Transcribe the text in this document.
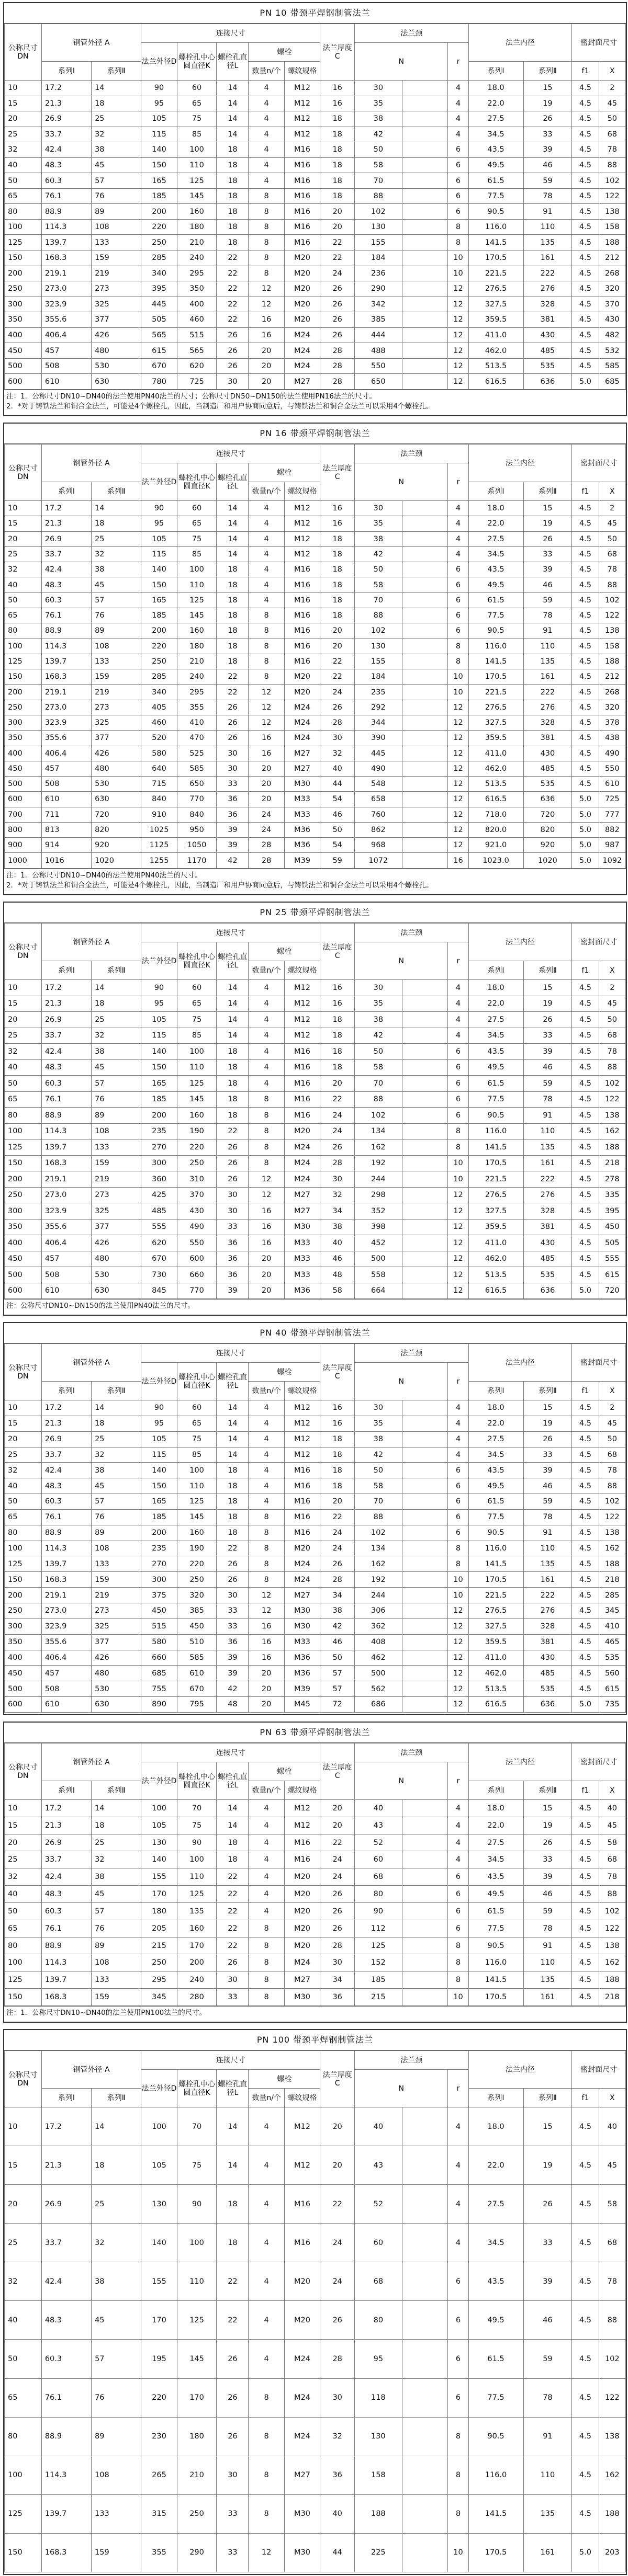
PN 10 带颈平焊钢制管法兰
公称尺寸DN	钢管外径 A		连接尺寸					法兰厚度C	法兰颈			法兰内径		密封面尺寸	
			法兰外径D	螺栓孔中心圆直径K	螺栓孔直径L	螺栓			N		r				
	系列Ⅰ	系列Ⅱ				数量n/个	螺纹规格					系列Ⅰ	系列Ⅱ	f1	X
10	17.2	14	90	60	14	4	M12	16	30		4	18.0	15	4.5	2
15	21.3	18	95	65	14	4	M12	16	35		4	22.0	19	4.5	45
20	26.9	25	105	75	14	4	M12	18	38		4	27.5	26	4.5	50
25	33.7	32	115	85	14	4	M12	18	42		4	34.5	33	4.5	68
32	42.4	38	140	100	18	4	M16	18	50		6	43.5	39	4.5	78
40	48.3	45	150	110	18	4	M16	18	58		6	49.5	46	4.5	88
50	60.3	57	165	125	18	4	M16	18	70		6	61.5	59	4.5	102
65	76.1	76	185	145	18	8	M16	18	88		6	77.5	78	4.5	122
80	88.9	89	200	160	18	8	M16	20	102		6	90.5	91	4.5	138
100	114.3	108	220	180	18	8	M16	20	130		8	116.0	110	4.5	158
125	139.7	133	250	210	18	8	M16	22	155		8	141.5	135	4.5	188
150	168.3	159	285	240	22	8	M20	22	184		10	170.5	161	4.5	212
200	219.1	219	340	295	22	8	M20	24	236		10	221.5	222	4.5	268
250	273.0	273	395	350	22	12	M20	26	290		12	276.5	276	4.5	320
300	323.9	325	445	400	22	12	M20	26	342		12	327.5	328	4.5	370
350	355.6	377	505	460	22	16	M20	26	385		12	359.5	381	4.5	430
400	406.4	426	565	515	26	16	M24	26	444		12	411.0	430	4.5	482
450	457	480	615	565	26	20	M24	28	488		12	462.0	485	4.5	532
500	508	530	670	620	26	20	M24	28	550		12	513.5	535	4.5	585
600	610	630	780	725	30	20	M27	28	650		12	616.5	636	5.0	685
注：1．公称尺寸DN10~DN40的法兰使用PN40法兰的尺寸；公称尺寸DN50~DN150的法兰使用PN16法兰的尺寸。
2．*对于铸铁法兰和铜合金法兰，可能是4个螺栓孔，因此，当制造厂和用户协商同意后，与铸铁法兰和铜合金法兰可以采用4个螺栓孔。
PN 16 带颈平焊钢制管法兰
公称尺寸DN	钢管外径 A		连接尺寸					法兰厚度C	法兰颈			法兰内径		密封面尺寸	
			法兰外径D	螺栓孔中心圆直径K	螺栓孔直径L	螺栓			N		r				
	系列Ⅰ	系列Ⅱ				数量n/个	螺纹规格					系列Ⅰ	系列Ⅱ	f1	X
10	17.2	14	90	60	14	4	M12	16	30		4	18.0	15	4.5	2
15	21.3	18	95	65	14	4	M12	16	35		4	22.0	19	4.5	45
20	26.9	25	105	75	14	4	M12	18	38		4	27.5	26	4.5	50
25	33.7	32	115	85	14	4	M12	18	42		4	34.5	33	4.5	68
32	42.4	38	140	100	18	4	M16	18	50		6	43.5	39	4.5	78
40	48.3	45	150	110	18	4	M16	18	58		6	49.5	46	4.5	88
50	60.3	57	165	125	18	4	M16	18	70		6	61.5	59	4.5	102
65	76.1	76	185	145	18	8	M16	18	88		6	77.5	78	4.5	122
80	88.9	89	200	160	18	8	M16	20	102		6	90.5	91	4.5	138
100	114.3	108	220	180	18	8	M16	20	130		8	116.0	110	4.5	158
125	139.7	133	250	210	18	8	M16	22	155		8	141.5	135	4.5	188
150	168.3	159	285	240	22	8	M20	22	184		10	170.5	161	4.5	212
200	219.1	219	340	295	22	12	M20	24	235		10	221.5	222	4.5	268
250	273.0	273	405	355	26	12	M24	26	292		12	276.5	276	4.5	320
300	323.9	325	460	410	26	12	M24	28	344		12	327.5	328	4.5	378
350	355.6	377	520	470	26	16	M24	30	390		12	359.5	381	4.5	438
400	406.4	426	580	525	30	16	M27	32	445		12	411.0	430	4.5	490
450	457	480	640	585	30	20	M27	40	490		12	462.0	485	4.5	550
500	508	530	715	650	33	20	M30	44	548		12	513.5	535	4.5	610
600	610	630	840	770	36	20	M33	54	658		12	616.5	636	5.0	725
700	711	720	910	840	36	24	M33	46	760		12	718.0	720	5.0	777
800	813	820	1025	950	39	24	M36	50	862		12	820.0	820	5.0	882
900	914	920	1125	1050	39	28	M36	54	968		12	921.0	920	5.0	987
1000	1016	1020	1255	1170	42	28	M39	59	1072		16	1023.0	1020	5.0	1092
注：1．公称尺寸DN10~DN40的法兰使用PN40法兰的尺寸。
2．*对于铸铁法兰和铜合金法兰，可能是4个螺栓孔，因此，当制造厂和用户协商同意后，与铸铁法兰和铜合金法兰可以采用4个螺栓孔。
PN 25 带颈平焊钢制管法兰
公称尺寸DN	钢管外径 A		连接尺寸					法兰厚度C	法兰颈			法兰内径		密封面尺寸	
			法兰外径D	螺栓孔中心圆直径K	螺栓孔直径L	螺栓			N		r				
	系列Ⅰ	系列Ⅱ				数量n/个	螺纹规格					系列Ⅰ	系列Ⅱ	f1	X
10	17.2	14	90	60	14	4	M12	16	30		4	18.0	15	4.5	2
15	21.3	18	95	65	14	4	M12	16	35		4	22.0	19	4.5	45
20	26.9	25	105	75	14	4	M12	18	38		4	27.5	26	4.5	50
25	33.7	32	115	85	14	4	M12	18	42		4	34.5	33	4.5	68
32	42.4	38	140	100	18	4	M16	18	50		6	43.5	39	4.5	78
40	48.3	45	150	110	18	4	M16	18	58		6	49.5	46	4.5	88
50	60.3	57	165	125	18	4	M16	20	70		6	61.5	59	4.5	102
65	76.1	76	185	145	18	8	M16	22	88		6	77.5	78	4.5	122
80	88.9	89	200	160	18	8	M16	24	102		6	90.5	91	4.5	138
100	114.3	108	235	190	22	8	M20	24	134		8	116.0	110	4.5	162
125	139.7	133	270	220	26	8	M24	26	162		8	141.5	135	4.5	188
150	168.3	159	300	250	26	8	M24	28	192		10	170.5	161	4.5	218
200	219.1	219	360	310	26	12	M24	30	244		10	221.5	222	4.5	278
250	273.0	273	425	370	30	12	M27	32	298		12	276.5	276	4.5	335
300	323.9	325	485	430	30	16	M27	34	352		12	327.5	328	4.5	395
350	355.6	377	555	490	33	16	M30	38	398		12	359.5	381	4.5	450
400	406.4	426	620	550	36	16	M33	40	452		12	411.0	430	4.5	505
450	457	480	670	600	36	20	M33	46	500		12	462.0	485	4.5	555
500	508	530	730	660	36	20	M33	48	558		12	513.5	535	4.5	615
600	610	630	845	770	39	20	M36	58	664		12	616.5	636	5.0	720
注：公称尺寸DN10~DN150的法兰使用PN40法兰的尺寸。
PN 40 带颈平焊钢制管法兰
公称尺寸DN	钢管外径 A		连接尺寸					法兰厚度C	法兰颈			法兰内径		密封面尺寸	
			法兰外径D	螺栓孔中心圆直径K	螺栓孔直径L	螺栓			N		r				
	系列Ⅰ	系列Ⅱ				数量n/个	螺纹规格					系列Ⅰ	系列Ⅱ	f1	X
10	17.2	14	90	60	14	4	M12	16	30		4	18.0	15	4.5	2
15	21.3	18	95	65	14	4	M12	16	35		4	22.0	19	4.5	45
20	26.9	25	105	75	14	4	M12	18	38		4	27.5	26	4.5	50
25	33.7	32	115	85	14	4	M12	18	42		4	34.5	33	4.5	68
32	42.4	38	140	100	18	4	M16	18	50		6	43.5	39	4.5	78
40	48.3	45	150	110	18	4	M16	18	58		6	49.5	46	4.5	88
50	60.3	57	165	125	18	4	M16	20	70		6	61.5	59	4.5	102
65	76.1	76	185	145	18	8	M16	22	88		6	77.5	78	4.5	122
80	88.9	89	200	160	18	8	M16	24	102		6	90.5	91	4.5	138
100	114.3	108	235	190	22	8	M20	24	134		8	116.0	110	4.5	162
125	139.7	133	270	220	26	8	M24	26	162		8	141.5	135	4.5	188
150	168.3	159	300	250	26	8	M24	28	192		10	170.5	161	4.5	218
200	219.1	219	375	320	30	12	M27	34	244		10	221.5	222	4.5	285
250	273.0	273	450	385	33	12	M30	38	306		12	276.5	276	4.5	345
300	323.9	325	515	450	33	16	M30	42	362		12	327.5	328	4.5	410
350	355.6	377	580	510	36	16	M33	46	408		12	359.5	381	4.5	465
400	406.4	426	660	585	39	16	M36	50	462		12	411.0	430	4.5	535
450	457	480	685	610	39	20	M36	57	500		12	462.0	485	4.5	560
500	508	530	755	670	42	20	M39	57	562		12	513.5	535	4.5	615
600	610	630	890	795	48	20	M45	72	686		12	616.5	636	5.0	735
PN 63 带颈平焊钢制管法兰
公称尺寸DN	钢管外径 A		连接尺寸					法兰厚度C	法兰颈			法兰内径		密封面尺寸	
			法兰外径D	螺栓孔中心圆直径K	螺栓孔直径L	螺栓			N		r				
	系列Ⅰ	系列Ⅱ				数量n/个	螺纹规格					系列Ⅰ	系列Ⅱ	f1	X
10	17.2	14	100	70	14	4	M12	20	40		4	18.0	15	4.5	40
15	21.3	18	105	75	14	4	M12	20	43		4	22.0	19	4.5	45
20	26.9	25	130	90	18	4	M16	22	52		4	27.5	26	4.5	58
25	33.7	32	140	100	18	4	M16	24	60		4	34.5	33	4.5	68
32	42.4	38	155	110	22	4	M20	24	68		6	43.5	39	4.5	78
40	48.3	45	170	125	22	4	M20	26	80		6	49.5	46	4.5	88
50	60.3	57	180	135	22	4	M20	26	90		6	61.5	59	4.5	102
65	76.1	76	205	160	22	8	M20	26	112		6	77.5	78	4.5	122
80	88.9	89	215	170	22	8	M20	28	125		8	90.5	91	4.5	138
100	114.3	108	250	200	26	8	M24	30	152		8	116.0	110	4.5	162
125	139.7	133	295	240	30	8	M27	34	185		8	141.5	135	4.5	188
150	168.3	159	345	280	33	8	M30	36	215		10	170.5	161	4.5	218
注：1．公称尺寸DN10~DN40的法兰使用PN100法兰的尺寸。
PN 100 带颈平焊钢制管法兰
公称尺寸DN	钢管外径 A		连接尺寸					法兰厚度C	法兰颈			法兰内径		密封面尺寸	
			法兰外径D	螺栓孔中心圆直径K	螺栓孔直径L	螺栓			N		r				
	系列Ⅰ	系列Ⅱ				数量n/个	螺纹规格					系列Ⅰ	系列Ⅱ	f1	X
10	17.2	14	100	70	14	4	M12	20	40		4	18.0	15	4.5	40
15	21.3	18	105	75	14	4	M12	20	43		4	22.0	19	4.5	45
20	26.9	25	130	90	18	4	M16	22	52		4	27.5	26	4.5	58
25	33.7	32	140	100	18	4	M16	24	60		4	34.5	33	4.5	68
32	42.4	38	155	110	22	4	M20	24	68		6	43.5	39	4.5	78
40	48.3	45	170	125	22	4	M20	26	80		6	49.5	46	4.5	88
50	60.3	57	195	145	26	4	M24	28	95		6	61.5	59	4.5	102
65	76.1	76	220	170	26	8	M24	30	118		6	77.5	78	4.5	122
80	88.9	89	230	180	26	8	M24	32	130		8	90.5	91	4.5	138
100	114.3	108	265	210	30	8	M27	36	158		8	116.0	110	4.5	162
125	139.7	133	315	250	33	8	M30	40	188		8	141.5	135	4.5	188
150	168.3	159	355	290	33	12	M30	44	225		10	170.5	161	5.0	203
